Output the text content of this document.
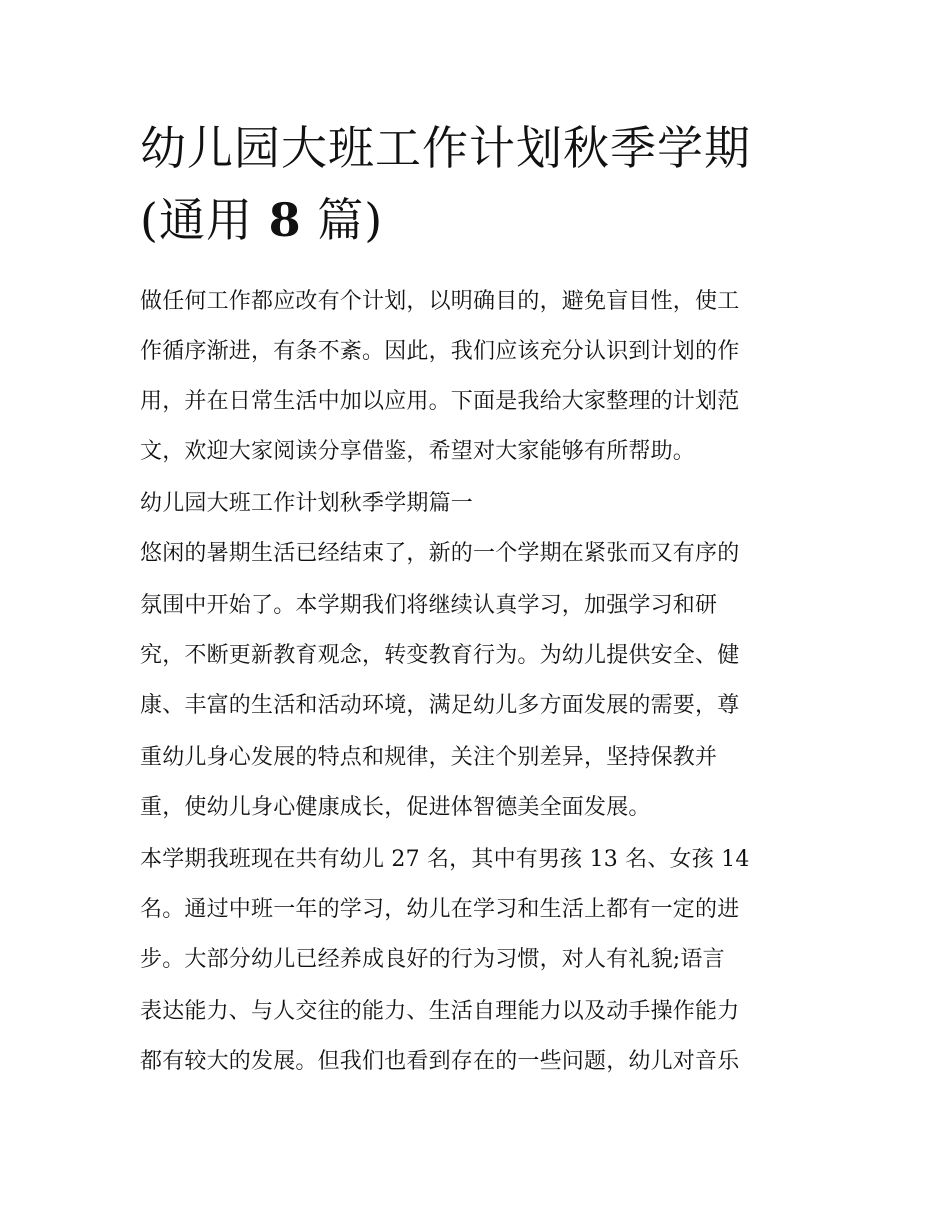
幼儿园大班工作计划秋季学期
(通用 8 篇)

做任何工作都应改有个计划，以明确目的，避免盲目性，使工

作循序渐进，有条不紊。因此，我们应该充分认识到计划的作

用，并在日常生活中加以应用。下面是我给大家整理的计划范

文，欢迎大家阅读分享借鉴，希望对大家能够有所帮助。

幼儿园大班工作计划秋季学期篇一

悠闲的暑期生活已经结束了，新的一个学期在紧张而又有序的

氛围中开始了。本学期我们将继续认真学习，加强学习和研

究，不断更新教育观念，转变教育行为。为幼儿提供安全、健

康、丰富的生活和活动环境，满足幼儿多方面发展的需要，尊

重幼儿身心发展的特点和规律，关注个别差异，坚持保教并

重，使幼儿身心健康成长，促进体智德美全面发展。

本学期我班现在共有幼儿 27 名，其中有男孩 13 名、女孩 14

名。通过中班一年的学习，幼儿在学习和生活上都有一定的进

步。大部分幼儿已经养成良好的行为习惯，对人有礼貌;语言

表达能力、与人交往的能力、生活自理能力以及动手操作能力

都有较大的发展。但我们也看到存在的一些问题，幼儿对音乐
